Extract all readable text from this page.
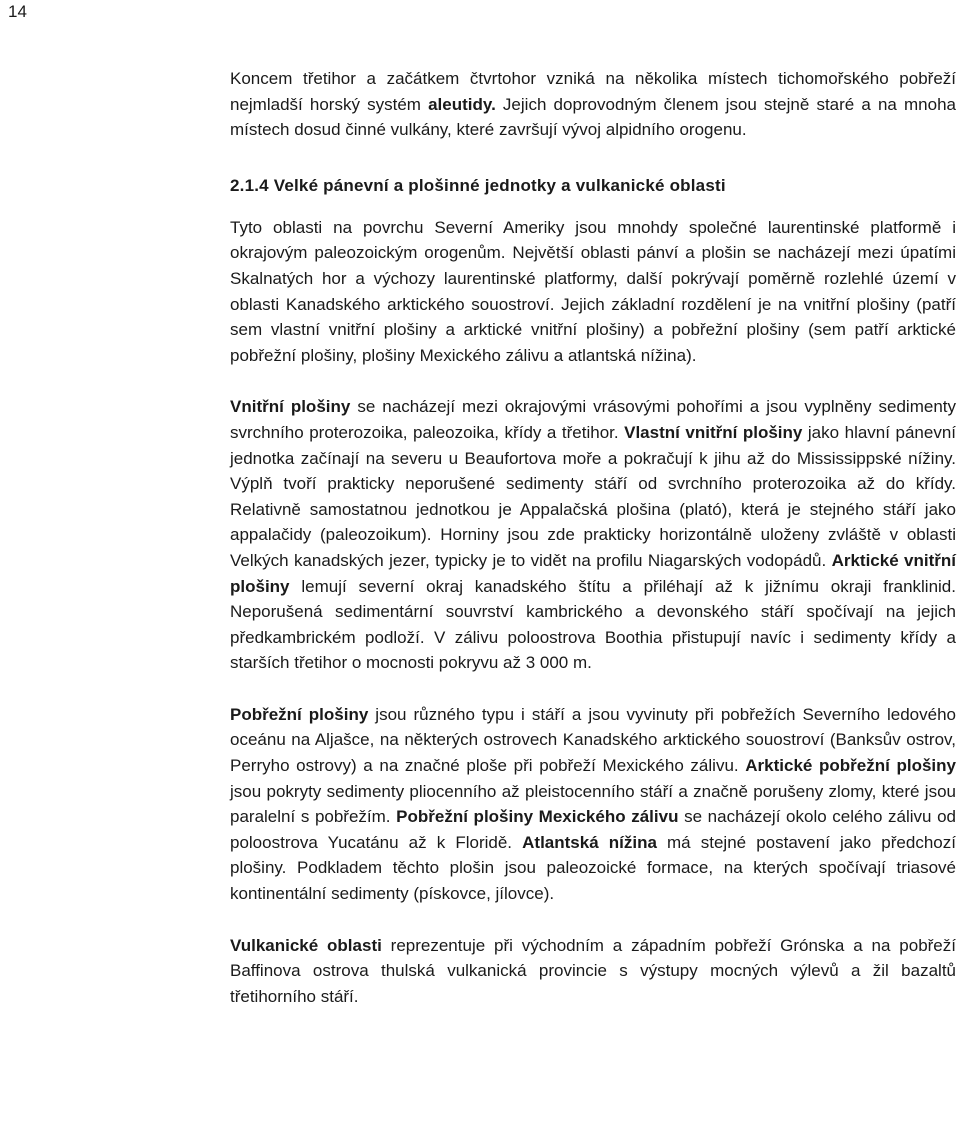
14

Koncem třetihor a začátkem čtvrtohor vzniká na několika místech tichomořského pobřeží nejmladší horský systém aleutidy. Jejich doprovodným členem jsou stejně staré a na mnoha místech dosud činné vulkány, které završují vývoj alpidního orogenu.

2.1.4 Velké pánevní a plošinné jednotky a vulkanické oblasti

Tyto oblasti na povrchu Severní Ameriky jsou mnohdy společné laurentinské platformě i okrajovým paleozoickým orogenům. Největší oblasti pánví a plošin se nacházejí mezi úpatími Skalnatých hor a výchozy laurentinské platformy, další pokrývají poměrně rozlehlé území v oblasti Kanadského arktického souostroví. Jejich základní rozdělení je na vnitřní plošiny (patří sem vlastní vnitřní plošiny a arktické vnitřní plošiny) a pobřežní plošiny (sem patří arktické pobřežní plošiny, plošiny Mexického zálivu a atlantská nížina).

Vnitřní plošiny se nacházejí mezi okrajovými vrásovými pohořími a jsou vyplněny sedimenty svrchního proterozoika, paleozoika, křídy a třetihor. Vlastní vnitřní plošiny jako hlavní pánevní jednotka začínají na severu u Beaufortova moře a pokračují k jihu až do Mississippské nížiny. Výplň tvoří prakticky neporušené sedimenty stáří od svrchního proterozoika až do křídy. Relativně samostatnou jednotkou je Appalačská plošina (plató), která je stejného stáří jako appalačidy (paleozoikum). Horniny jsou zde prakticky horizontálně uloženy zvláště v oblasti Velkých kanadských jezer, typicky je to vidět na profilu Niagarských vodopádů. Arktické vnitřní plošiny lemují severní okraj kanadského štítu a přiléhají až k jižnímu okraji franklinid. Neporušená sedimentární souvrství kambrického a devonského stáří spočívají na jejich předkambrickém podloží. V zálivu poloostrova Boothia přistupují navíc i sedimenty křídy a starších třetihor o mocnosti pokryvu až 3 000 m.

Pobřežní plošiny jsou různého typu i stáří a jsou vyvinuty při pobřežích Severního ledového oceánu na Aljašce, na některých ostrovech Kanadského arktického souostroví (Banksův ostrov, Perryho ostrovy) a na značné ploše při pobřeží Mexického zálivu. Arktické pobřežní plošiny jsou pokryty sedimenty pliocenního až pleistocenního stáří a značně porušeny zlomy, které jsou paralelní s pobřežím. Pobřežní plošiny Mexického zálivu se nacházejí okolo celého zálivu od poloostrova Yucatánu až k Floridě. Atlantská nížina má stejné postavení jako předchozí plošiny. Podkladem těchto plošin jsou paleozoické formace, na kterých spočívají triasové kontinentální sedimenty (pískovce, jílovce).

Vulkanické oblasti reprezentuje při východním a západním pobřeží Grónska a na pobřeží Baffinova ostrova thulská vulkanická provincie s výstupy mocných výlevů a žil bazaltů třetihorního stáří.
